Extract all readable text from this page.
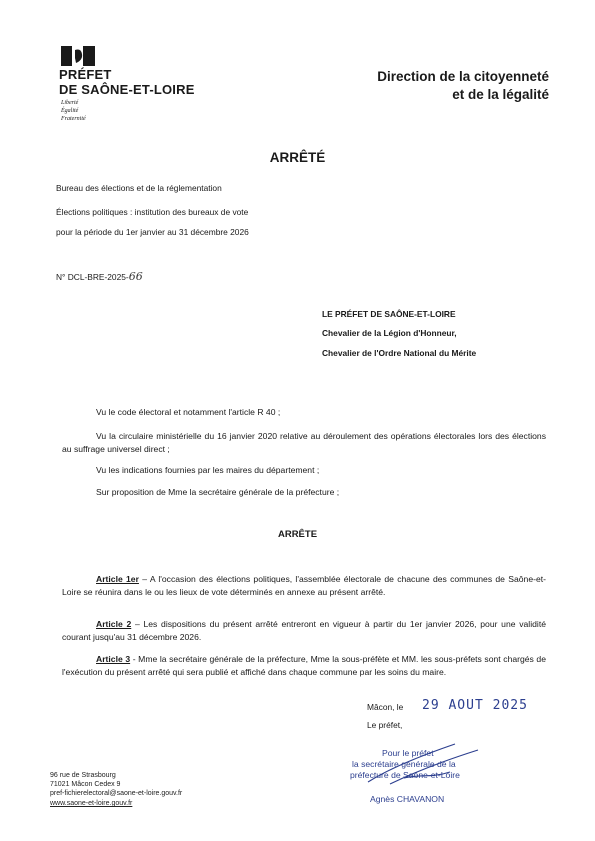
PRÉFET
DE SAÔNE-ET-LOIRE
Liberté
Égalité
Fraternité
Direction de la citoyenneté
et de la légalité
ARRÊTÉ
Bureau des élections et de la réglementation
Élections politiques : institution des bureaux de vote
pour la période du 1er janvier au 31 décembre 2026
N° DCL-BRE-2025-66
LE PRÉFET DE SAÔNE-ET-LOIRE
Chevalier de la Légion d'Honneur,
Chevalier de l'Ordre National du Mérite
Vu le code électoral et notamment l'article R 40 ;
Vu la circulaire ministérielle du 16 janvier 2020 relative au déroulement des opérations électorales lors des élections au suffrage universel direct ;
Vu les indications fournies par les maires du département ;
Sur proposition de Mme la secrétaire générale de la préfecture ;
ARRÊTE
Article 1er – A l'occasion des élections politiques, l'assemblée électorale de chacune des communes de Saône-et-Loire se réunira dans le ou les lieux de vote déterminés en annexe au présent arrêté.
Article 2 – Les dispositions du présent arrêté entreront en vigueur à partir du 1er janvier 2026, pour une validité courant jusqu'au 31 décembre 2026.
Article 3 - Mme la secrétaire générale de la préfecture, Mme la sous-préfète et MM. les sous-préfets sont chargés de l'exécution du présent arrêté qui sera publié et affiché dans chaque commune par les soins du maire.
Mâcon, le 29 AOUT 2025
Le préfet,
Pour le préfet
la secrétaire générale de la
préfecture de Saône-et-Loire
Agnès CHAVANON
96 rue de Strasbourg
71021 Mâcon Cedex 9
pref-fichierelectoral@saone-et-loire.gouv.fr
www.saone-et-loire.gouv.fr
